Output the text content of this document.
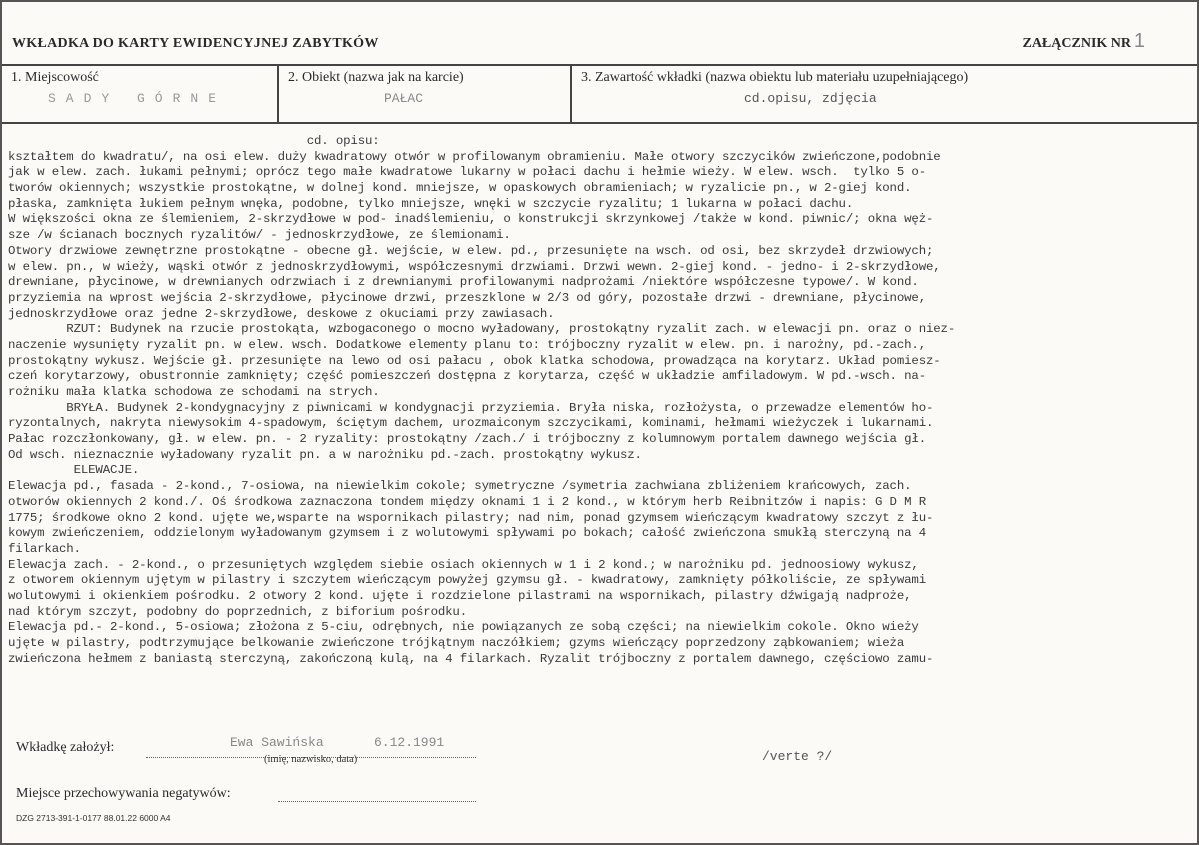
WKŁADKA DO KARTY EWIDENCYJNEJ ZABYTKÓW	ZAŁĄCZNIK NR 1
1. Miejscowość
SADY GÓRNE
2. Obiekt (nazwa jak na karcie)
PAŁAC
3. Zawartość wkładki (nazwa obiektu lub materiału uzupełniającego)
cd.opisu, zdjęcia
cd. opisu:
kształtem do kwadratu/, na osi elew. duży kwadratowy otwór w profilowanym obramieniu. Małe otwory szczycików zwieńczone,podobnie
jak w elew. zach. łukami pełnymi; oprócz tego małe kwadratowe lukarny w połaci dachu i hełmie wieży. W elew. wsch.  tylko 5 o-
tworów okiennych; wszystkie prostokątne, w dolnej kond. mniejsze, w opaskowych obramieniach; w ryzalicie pn., w 2-giej kond.
płaska, zamknięta łukiem pełnym wnęka, podobne, tylko mniejsze, wnęki w szczycie ryzalitu; 1 lukarna w połaci dachu.
W większości okna ze ślemieniem, 2-skrzydłowe w pod- inadślemieniu, o konstrukcji skrzynkowej /także w kond. piwnic/; okna węż-
sze /w ścianach bocznych ryzalitów/ - jednoskrzydłowe, ze ślemionami.
Otwory drzwiowe zewnętrzne prostokątne - obecne gł. wejście, w elew. pd., przesunięte na wsch. od osi, bez skrzydeł drzwiowych;
w elew. pn., w wieży, wąski otwór z jednoskrzydłowymi, współczesnymi drzwiami. Drzwi wewn. 2-giej kond. - jedno- i 2-skrzydłowe,
drewniane, płycinowe, w drewnianych odrzwiach i z drewnianymi profilowanymi nadprożami /niektóre współczesne typowe/. W kond.
przyziemia na wprost wejścia 2-skrzydłowe, płycinowe drzwi, przeszklone w 2/3 od góry, pozostałe drzwi - drewniane, płycinowe,
jednoskrzydłowe oraz jedne 2-skrzydłowe, deskowe z okuciami przy zawiasach.
RZUT: Budynek na rzucie prostokąta, wzbogaconego o mocno wyładowany, prostokątny ryzalit zach. w elewacji pn. oraz o niez-
naczenie wysunięty ryzalit pn. w elew. wsch. Dodatkowe elementy planu to: trójboczny ryzalit w elew. pn. i narożny, pd.-zach.,
prostokątny wykusz. Wejście gł. przesunięte na lewo od osi pałacu , obok klatka schodowa, prowadząca na korytarz. Układ pomiesz-
czeń korytarzowy, obustronnie zamknięty; część pomieszczeń dostępna z korytarza, część w układzie amfiladowym. W pd.-wsch. na-
rożniku mała klatka schodowa ze schodami na strych.
BRYŁA. Budynek 2-kondygnacyjny z piwnicami w kondygnacji przyziemia. Bryła niska, rozłożysta, o przewadze elementów ho-
ryzontalnych, nakryta niewysokim 4-spadowym, ściętym dachem, urozmaiconym szczycikami, kominami, hełmami wieżyczek i lukarnami.
Pałac rozczłonkowany, gł. w elew. pn. - 2 ryzality: prostokątny /zach./ i trójboczny z kolumnowym portalem dawnego wejścia gł.
Od wsch. nieznacznie wyładowany ryzalit pn. a w narożniku pd.-zach. prostokątny wykusz.
ELEWACJE.
Elewacja pd., fasada - 2-kond., 7-osiowa, na niewielkim cokole; symetryczne /symetria zachwiana zbliżeniem krańcowych, zach.
otworów okiennych 2 kond./. Oś środkowa zaznaczona tondem między oknami 1 i 2 kond., w którym herb Reibnitzów i napis: G D M R
1775; środkowe okno 2 kond. ujęte we,wsparte na wspornikach pilastry; nad nim, ponad gzymsem wieńczącym kwadratowy szczyt z łu-
kowym zwieńczeniem, oddzielonym wyładowanym gzymsem i z wolutowymi spływami po bokach; całość zwieńczona smukłą sterczyną na 4
filarkach.
Elewacja zach. - 2-kond., o przesuniętych względem siebie osiach okiennych w 1 i 2 kond.; w narożniku pd. jednoosiowy wykusz,
z otworem okiennym ujętym w pilastry i szczytem wieńczącym powyżej gzymsu gł. - kwadratowy, zamknięty półkoliście, ze spływami
wolutowymi i okienkiem pośrodku. 2 otwory 2 kond. ujęte i rozdzielone pilastrami na wspornikach, pilastry dźwigają nadproże,
nad którym szczyt, podobny do poprzednich, z biforium pośrodku.
Elewacja pd.- 2-kond., 5-osiowa; złożona z 5-ciu, odrębnych, nie powiązanych ze sobą części; na niewielkim cokole. Okno wieży
ujęte w pilastry, podtrzymujące belkowanie zwieńczone trójkątnym naczółkiem; gzyms wieńczący poprzedzony ząbkowaniem; wieża
zwieńczona hełmem z baniastą sterczyną, zakończoną kulą, na 4 filarkach. Ryzalit trójboczny z portalem dawnego, częściowo zamu-
Wkładkę założył:	Ewa Sawińska	6.12.1991
(imię, nazwisko, data)	/verte ?/
Miejsce przechowywania negatywów:
DZG 2713-391-1-0177 88.01.22 6000 A4
